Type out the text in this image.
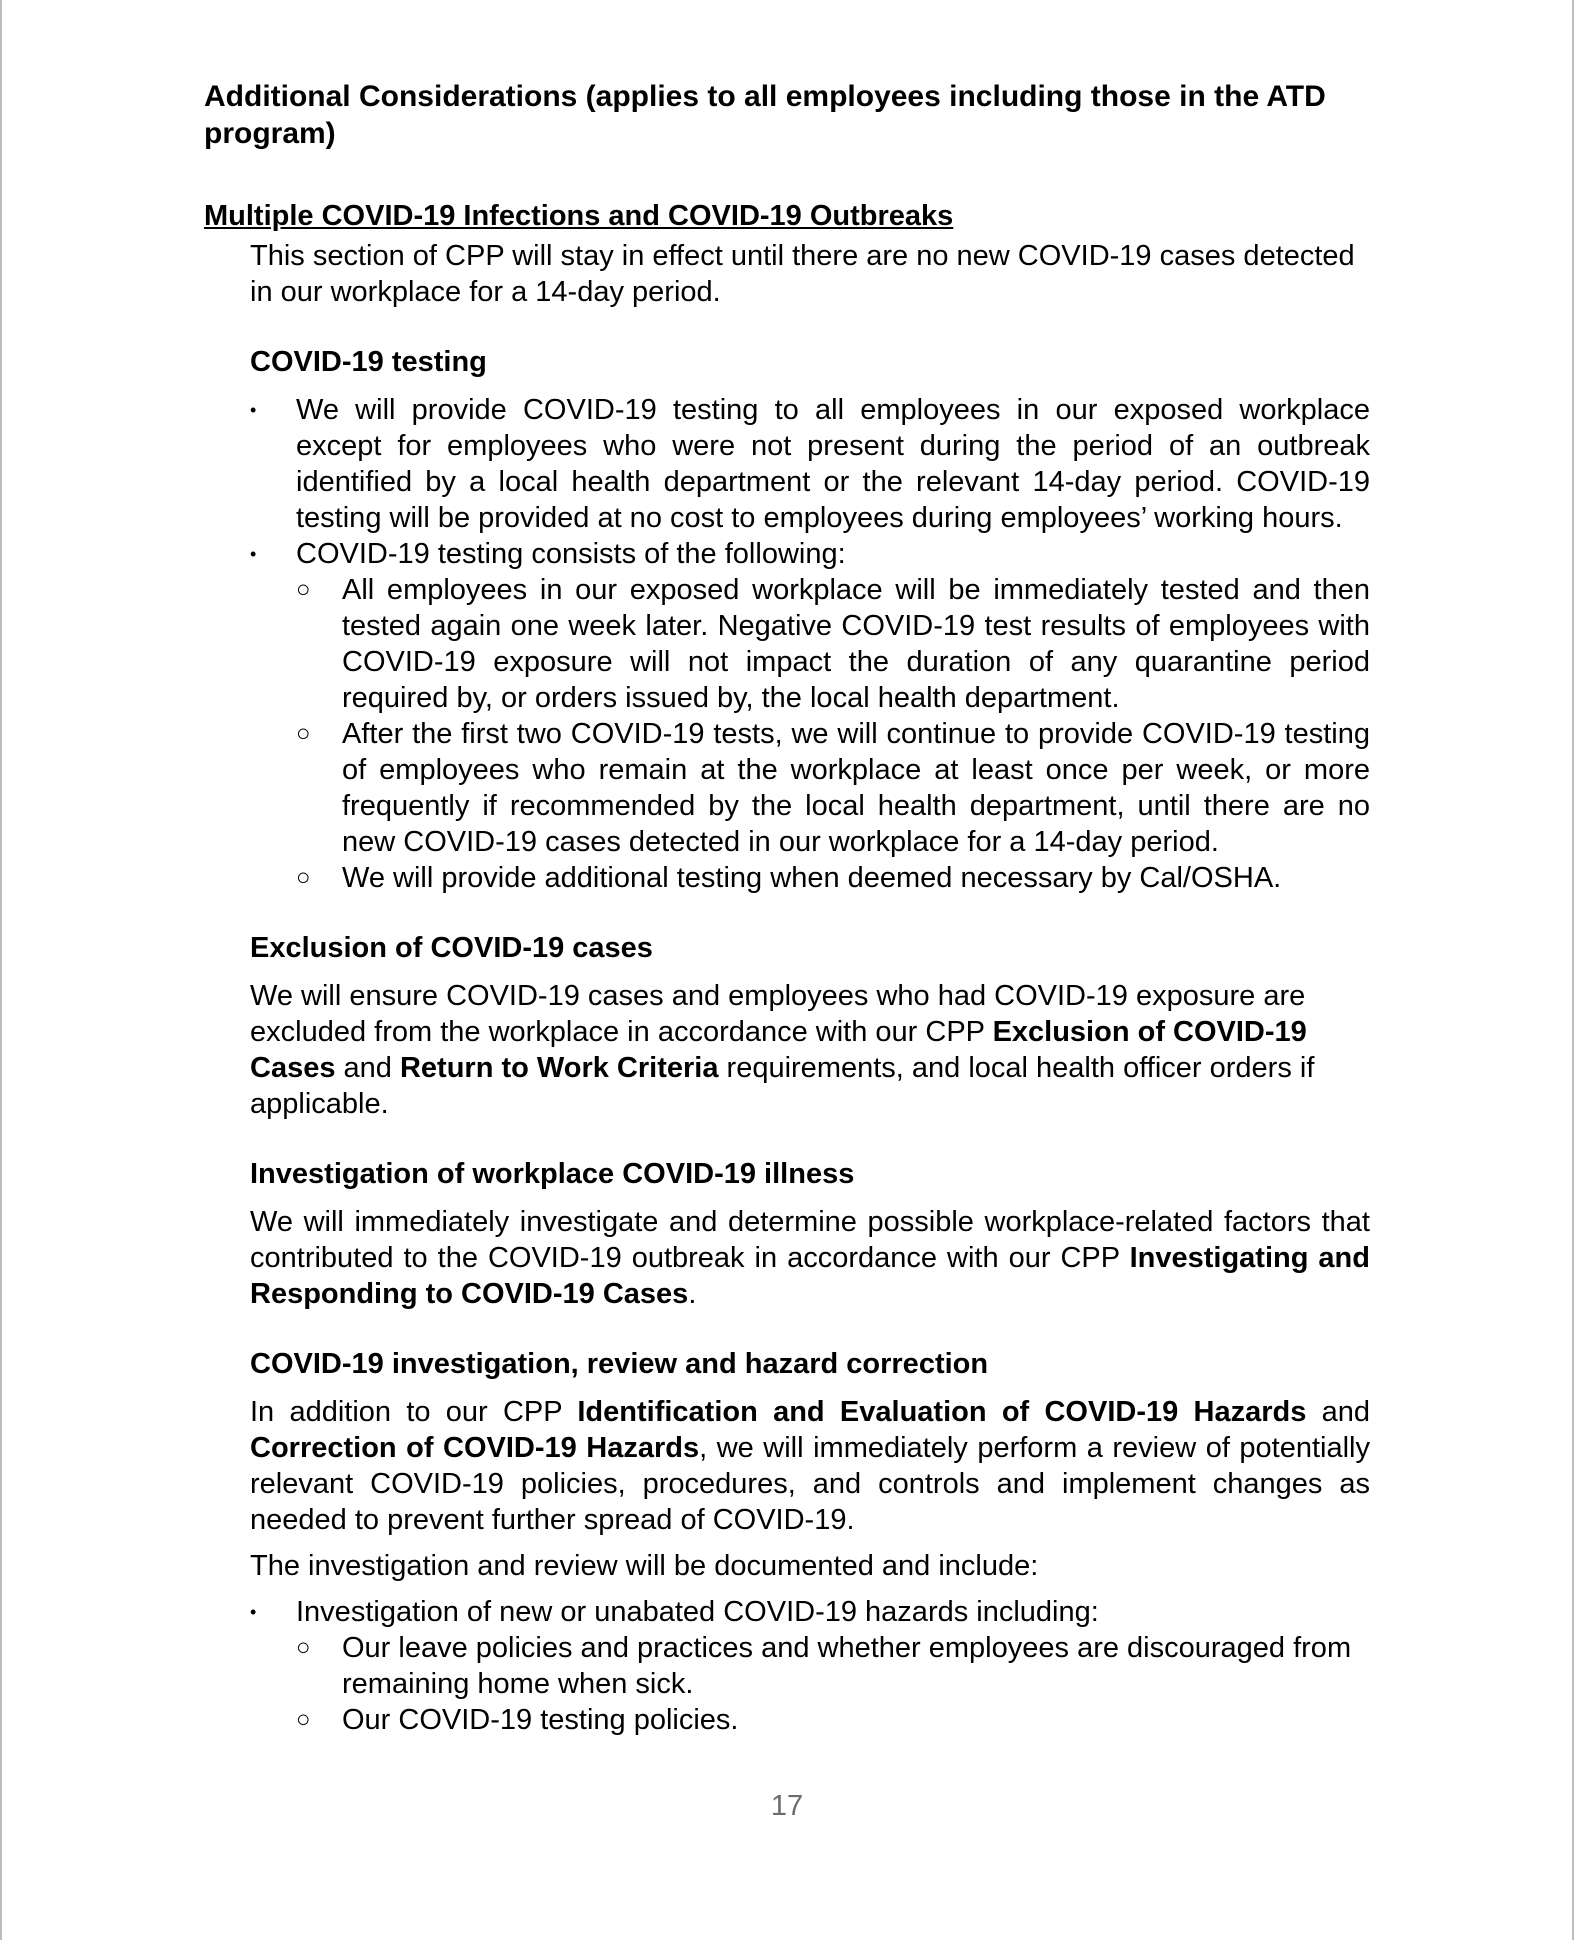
Additional Considerations (applies to all employees including those in the ATD program)
Multiple COVID-19 Infections and COVID-19 Outbreaks

This section of CPP will stay in effect until there are no new COVID-19 cases detected in our workplace for a 14-day period.

COVID-19 testing
•	We will provide COVID-19 testing to all employees in our exposed workplace except for employees who were not present during the period of an outbreak identified by a local health department or the relevant 14-day period. COVID-19 testing will be provided at no cost to employees during employees’ working hours.
•	COVID-19 testing consists of the following:
○	All employees in our exposed workplace will be immediately tested and then tested again one week later. Negative COVID-19 test results of employees with COVID-19 exposure will not impact the duration of any quarantine period required by, or orders issued by, the local health department.
○	After the first two COVID-19 tests, we will continue to provide COVID-19 testing of employees who remain at the workplace at least once per week, or more frequently if recommended by the local health department, until there are no new COVID-19 cases detected in our workplace for a 14-day period.
○	We will provide additional testing when deemed necessary by Cal/OSHA.
Exclusion of COVID-19 cases

We will ensure COVID-19 cases and employees who had COVID-19 exposure are excluded from the workplace in accordance with our CPP Exclusion of COVID-19 Cases and Return to Work Criteria requirements, and local health officer orders if applicable.

Investigation of workplace COVID-19 illness

We will immediately investigate and determine possible workplace-related factors that contributed to the COVID-19 outbreak in accordance with our CPP Investigating and Responding to COVID-19 Cases.

COVID-19 investigation, review and hazard correction

In addition to our CPP Identification and Evaluation of COVID-19 Hazards and Correction of COVID-19 Hazards, we will immediately perform a review of potentially relevant COVID-19 policies, procedures, and controls and implement changes as needed to prevent further spread of COVID-19.

The investigation and review will be documented and include:

•	Investigation of new or unabated COVID-19 hazards including:
○	Our leave policies and practices and whether employees are discouraged from remaining home when sick.
○	Our COVID-19 testing policies.
17
